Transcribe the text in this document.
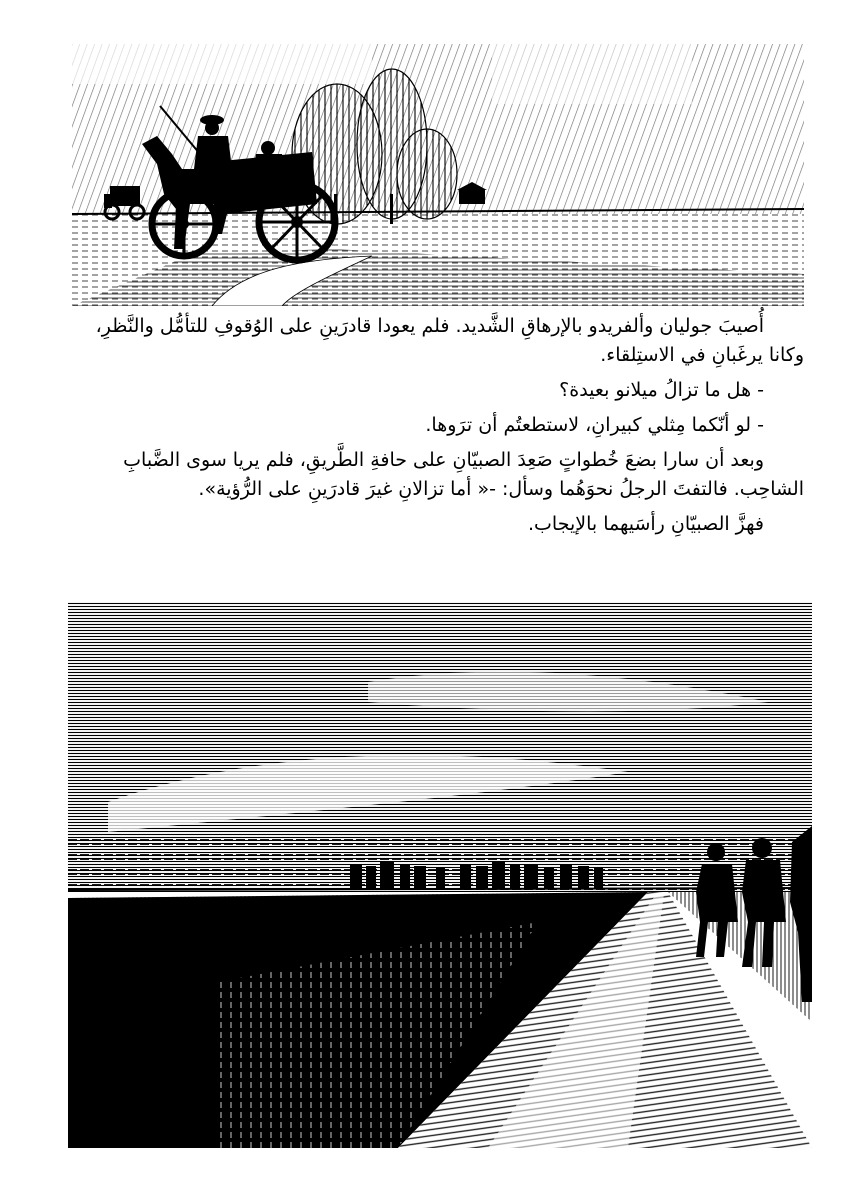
أُصيبَ جوليان وألفريدو بالإرهاقِ الشَّديد. فلم يعودا قادرَينِ على الوُقوفِ للتأمُّل والنَّظرِ، وكانا يرغَبانِ في الاستِلقاء.

- هل ما تزالُ ميلانو بعيدة؟

- لو أنّكما مِثلي كبيرانِ، لاستطعتُم أن ترَوها.

وبعد أن سارا بضعَ خُطواتٍ صَعِدَ الصبيّانِ على حافةِ الطَّريقِ، فلم يريا سوى الضَّبابِ الشاحِب. فالتفتَ الرجلُ نحوَهُما وسأل: -« أما تزالانِ غيرَ قادرَينِ على الرُّؤية».

فهزَّ الصبيّانِ رأسَيهما بالإيجاب.
